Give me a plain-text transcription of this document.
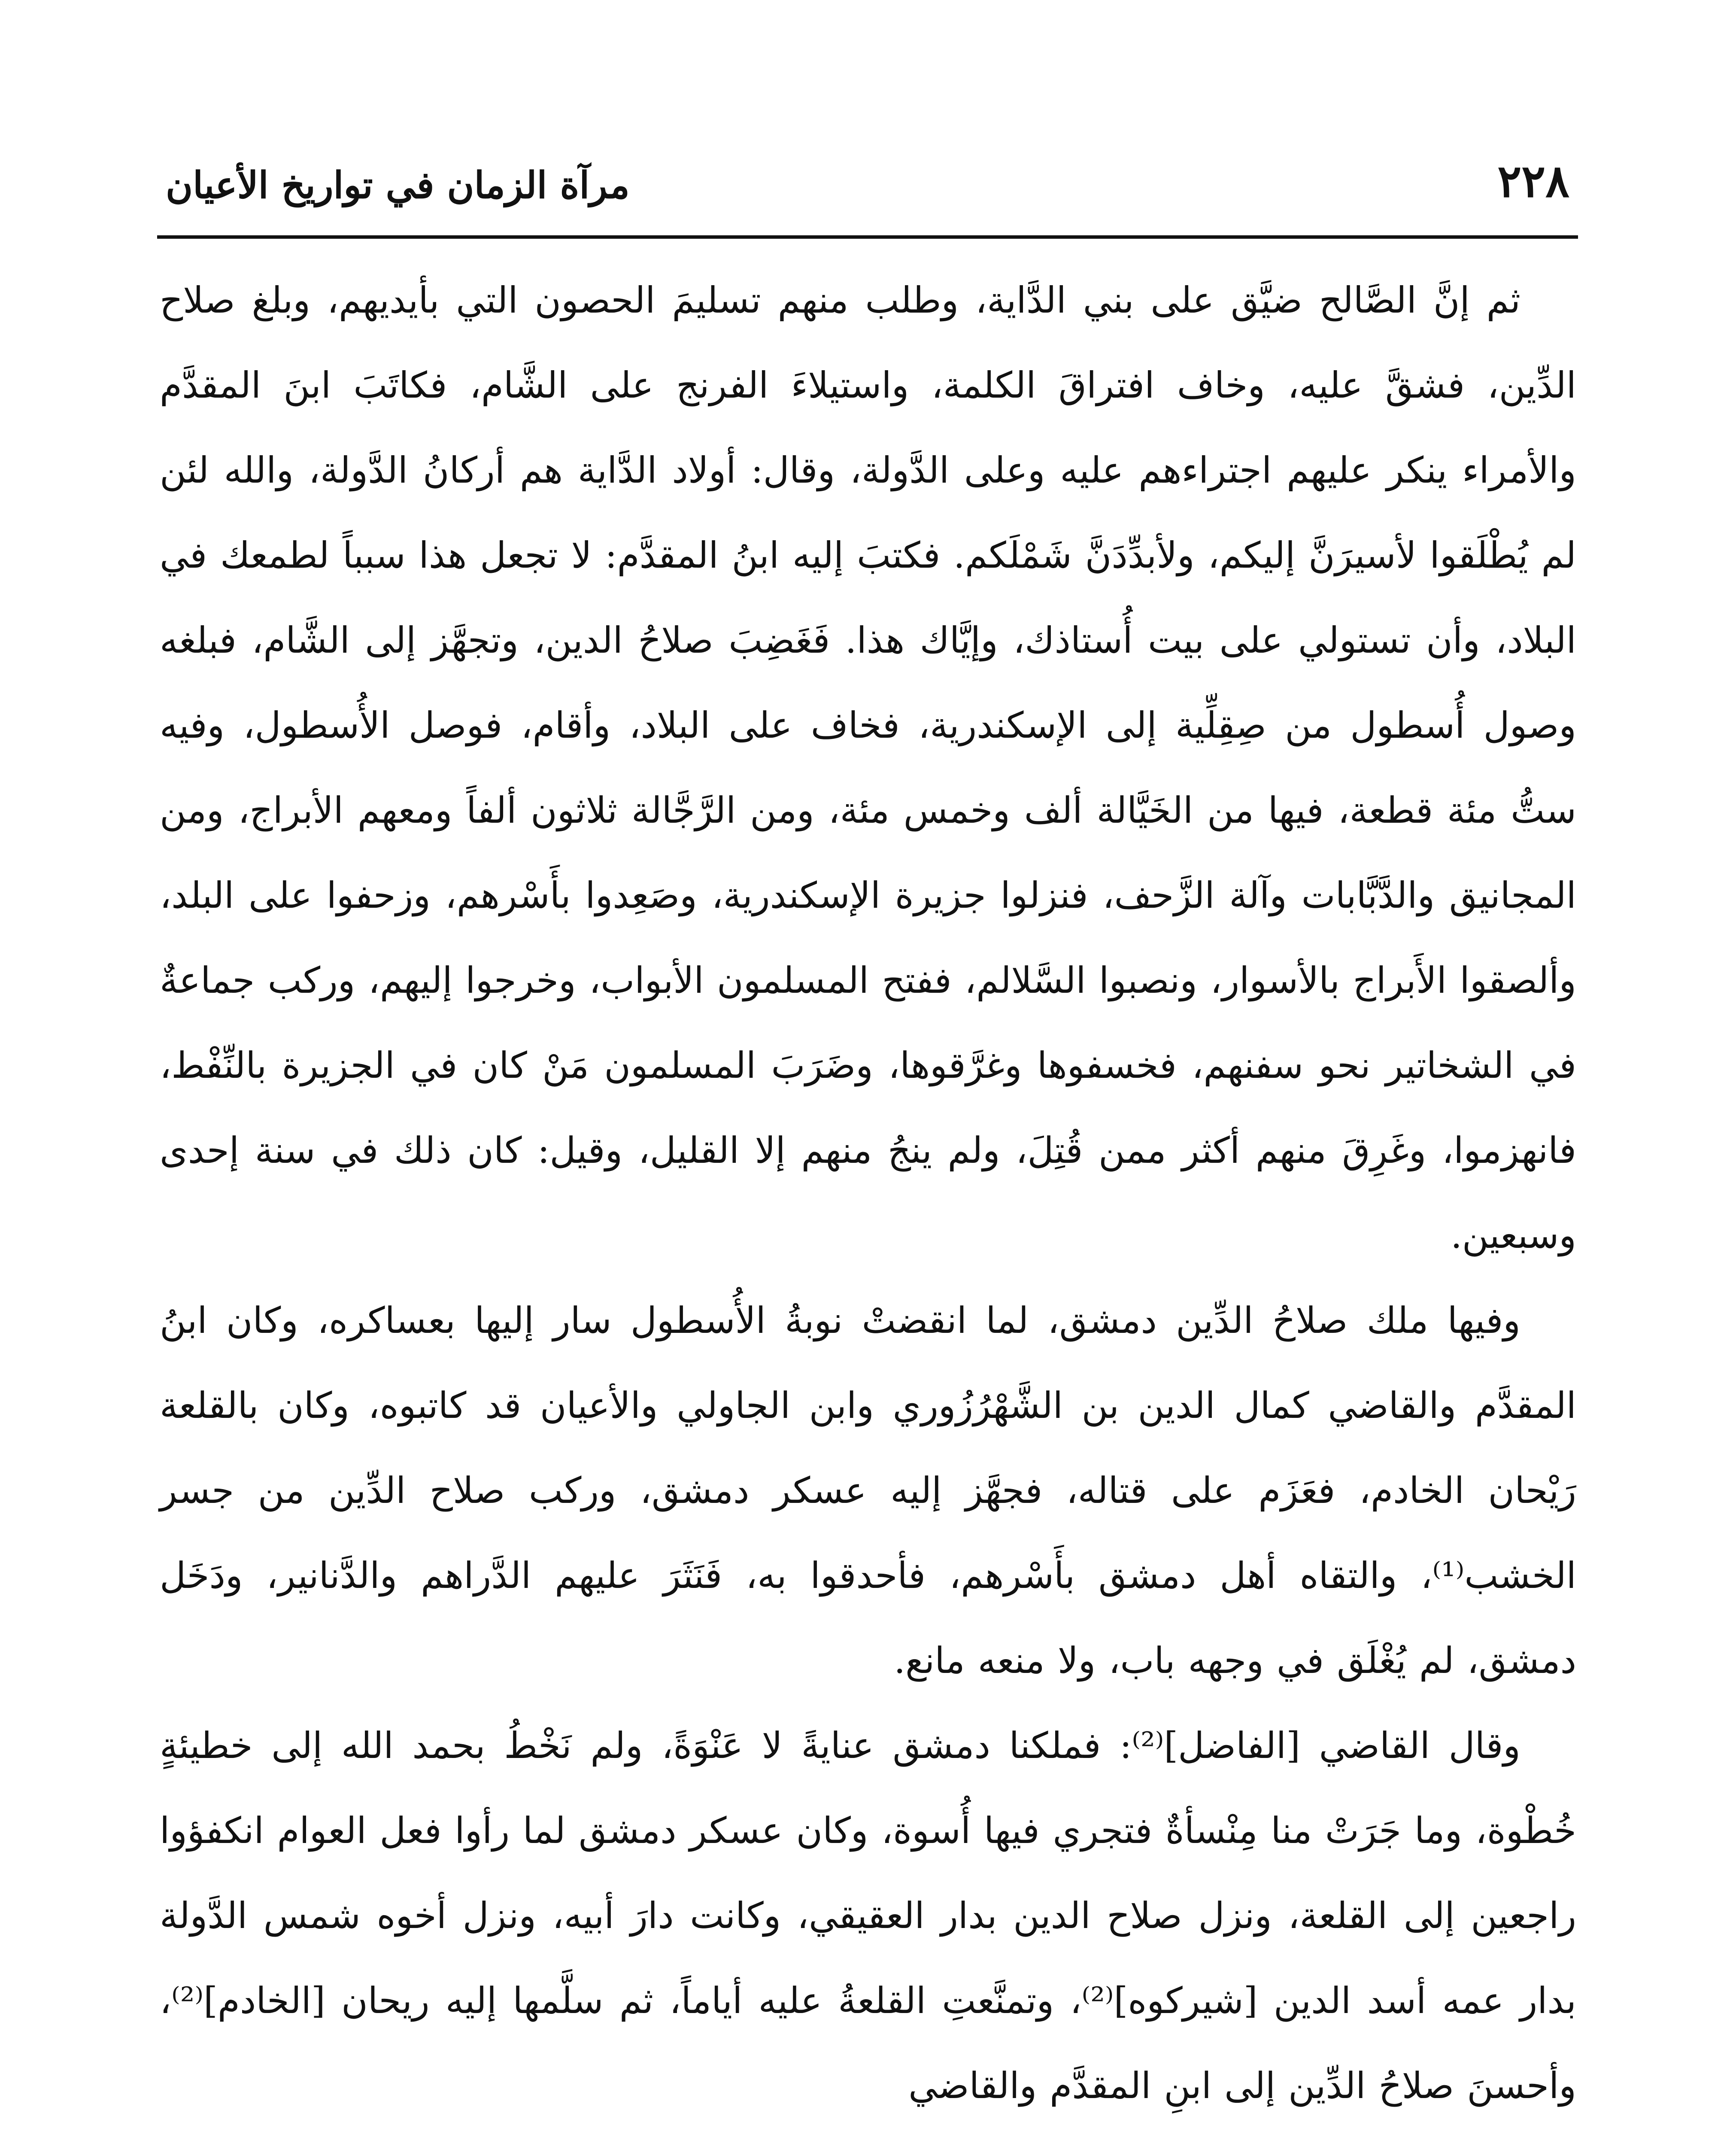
٢٢٨
مرآة الزمان في تواريخ الأعيان

ثم إنَّ الصَّالح ضيَّق على بني الدَّاية، وطلب منهم تسليمَ الحصون التي بأيديهم، وبلغ صلاح الدِّين، فشقَّ عليه، وخاف افتراقَ الكلمة، واستيلاءَ الفرنج على الشَّام، فكاتَبَ ابنَ المقدَّم والأمراء ينكر عليهم اجتراءهم عليه وعلى الدَّولة، وقال: أولاد الدَّاية هم أركانُ الدَّولة، والله لئن لم يُطْلَقوا لأسيرَنَّ إليكم، ولأبدِّدَنَّ شَمْلَكم. فكتبَ إليه ابنُ المقدَّم: لا تجعل هذا سبباً لطمعك في البلاد، وأن تستولي على بيت أُستاذك، وإيَّاك هذا. فَغَضِبَ صلاحُ الدين، وتجهَّز إلى الشَّام، فبلغه وصول أُسطول من صِقِلِّية إلى الإسكندرية، فخاف على البلاد، وأقام، فوصل الأُسطول، وفيه ستُّ مئة قطعة، فيها من الخَيَّالة ألف وخمس مئة، ومن الرَّجَّالة ثلاثون ألفاً ومعهم الأبراج، ومن المجانيق والدَّبَّابات وآلة الزَّحف، فنزلوا جزيرة الإسكندرية، وصَعِدوا بأَسْرهم، وزحفوا على البلد، وألصقوا الأَبراج بالأسوار، ونصبوا السَّلالم، ففتح المسلمون الأبواب، وخرجوا إليهم، وركب جماعةٌ في الشخاتير نحو سفنهم، فخسفوها وغرَّقوها، وضَرَبَ المسلمون مَنْ كان في الجزيرة بالنِّفْط، فانهزموا، وغَرِقَ منهم أكثر ممن قُتِلَ، ولم ينجُ منهم إلا القليل، وقيل: كان ذلك في سنة إحدى وسبعين.

وفيها ملك صلاحُ الدِّين دمشق، لما انقضتْ نوبةُ الأُسطول سار إليها بعساكره، وكان ابنُ المقدَّم والقاضي كمال الدين بن الشَّهْرُزُوري وابن الجاولي والأعيان قد كاتبوه، وكان بالقلعة رَيْحان الخادم، فعَزَم على قتاله، فجهَّز إليه عسكر دمشق، وركب صلاح الدِّين من جسر الخشب⁽¹⁾، والتقاه أهل دمشق بأَسْرهم، فأحدقوا به، فَنَثَرَ عليهم الدَّراهم والدَّنانير، ودَخَل دمشق، لم يُغْلَق في وجهه باب، ولا منعه مانع.

وقال القاضي [الفاضل]⁽²⁾: فملكنا دمشق عنايةً لا عَنْوَةً، ولم نَخْطُ بحمد الله إلى خطيئةٍ خُطْوة، وما جَرَتْ منا مِنْسأةٌ فتجري فيها أُسوة، وكان عسكر دمشق لما رأوا فعل العوام انكفؤوا راجعين إلى القلعة، ونزل صلاح الدين بدار العقيقي، وكانت دارَ أبيه، ونزل أخوه شمس الدَّولة بدار عمه أسد الدين [شيركوه]⁽²⁾، وتمنَّعتِ القلعةُ عليه أياماً، ثم سلَّمها إليه ريحان [الخادم]⁽²⁾، وأحسنَ صلاحُ الدِّين إلى ابنِ المقدَّم والقاضي
